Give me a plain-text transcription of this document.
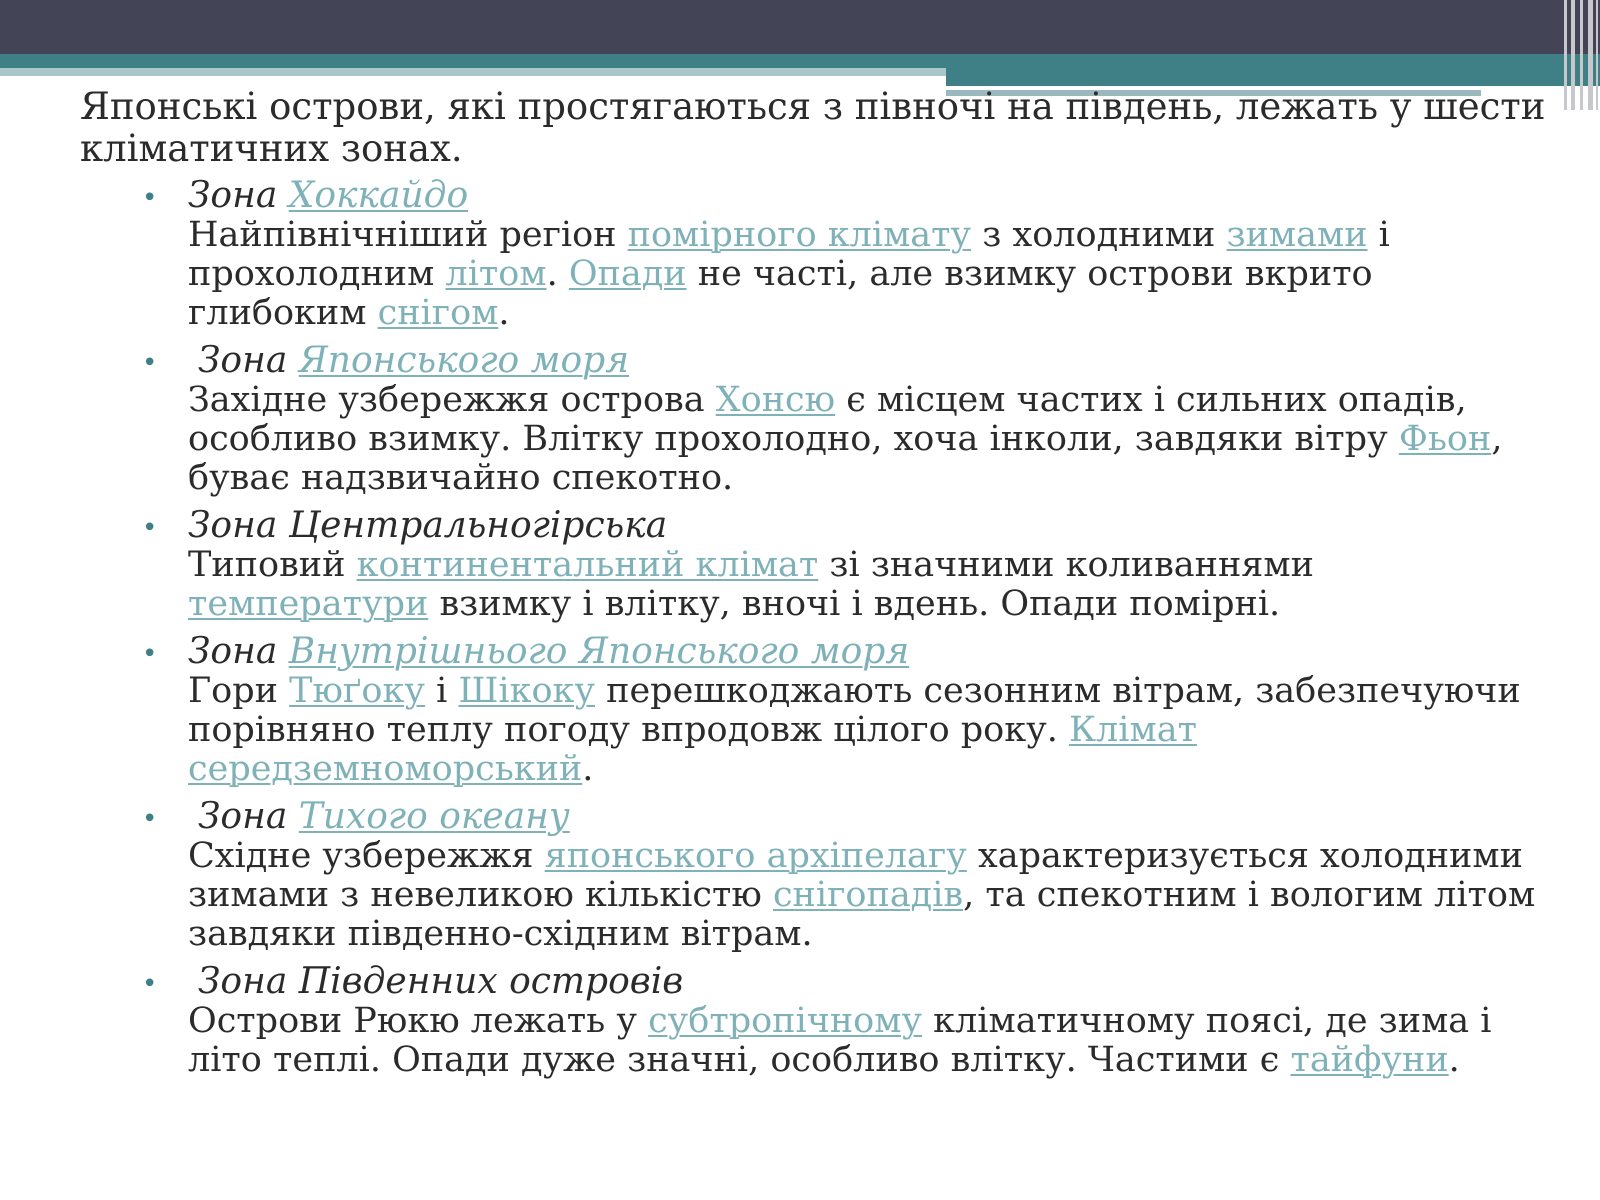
Японські острови, які простягаються з півночі на південь, лежать у шести кліматичних зонах.

• Зона Хоккайдо

Найпівнічніший регіон помірного клімату з холодними зимами і прохолодним літом. Опади не часті, але взимку острови вкрито глибоким снігом.

• Зона Японського моря

Західне узбережжя острова Хонсю є місцем частих і сильних опадів, особливо взимку. Влітку прохолодно, хоча інколи, завдяки вітру Фьон, буває надзвичайно спекотно.

• Зона Центральногірська

Типовий континентальний клімат зі значними коливаннями температури взимку і влітку, вночі і вдень. Опади помірні.

• Зона Внутрішнього Японського моря

Гори Тюґоку і Шікоку перешкоджають сезонним вітрам, забезпечуючи порівняно теплу погоду впродовж цілого року. Клімат середземноморський.

• Зона Тихого океану

Східне узбережжя японського архіпелагу характеризується холодними зимами з невеликою кількістю снігопадів, та спекотним і вологим літом завдяки південно-східним вітрам.

• Зона Південних островів

Острови Рюкю лежать у субтропічному кліматичному поясі, де зима і літо теплі. Опади дуже значні, особливо влітку. Частими є тайфуни.
